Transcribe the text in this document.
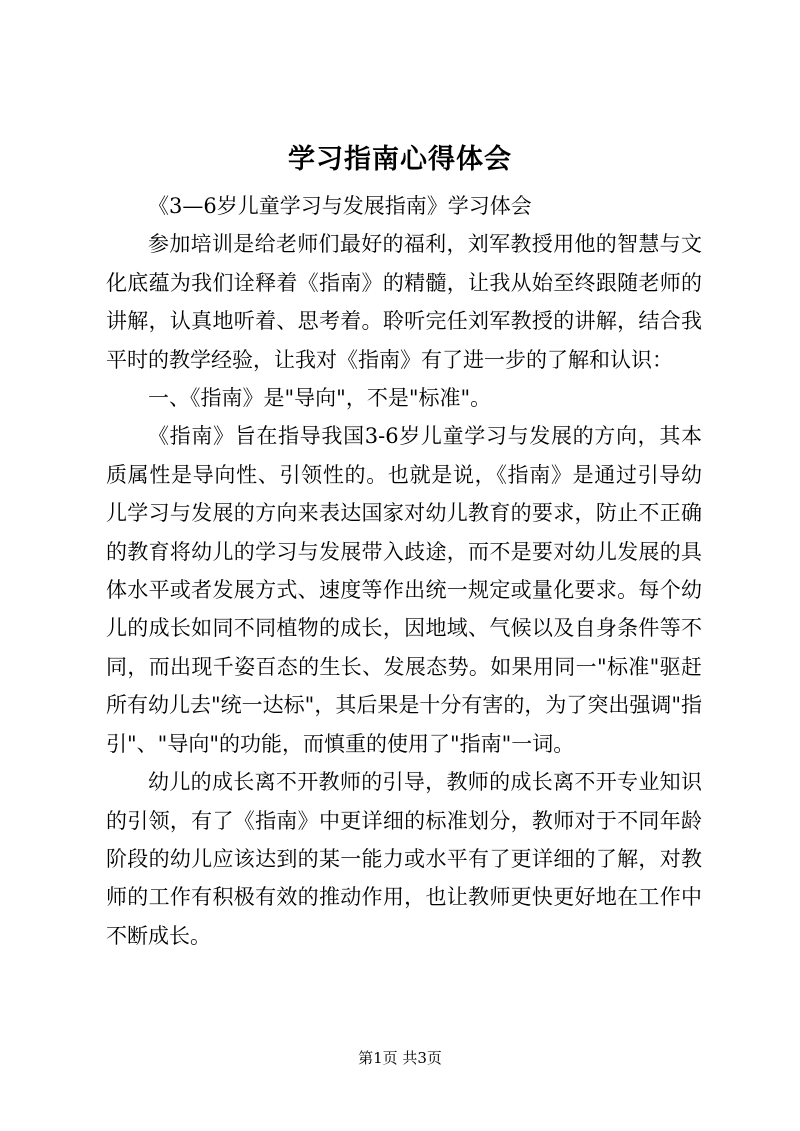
学习指南心得体会

《3—6岁儿童学习与发展指南》学习体会

参加培训是给老师们最好的福利，刘军教授用他的智慧与文化底蕴为我们诠释着《指南》的精髓，让我从始至终跟随老师的讲解，认真地听着、思考着。聆听完任刘军教授的讲解，结合我平时的教学经验，让我对《指南》有了进一步的了解和认识：

一、《指南》是"导向"，不是"标准"。

《指南》旨在指导我国3-6岁儿童学习与发展的方向，其本质属性是导向性、引领性的。也就是说，《指南》是通过引导幼儿学习与发展的方向来表达国家对幼儿教育的要求，防止不正确的教育将幼儿的学习与发展带入歧途，而不是要对幼儿发展的具体水平或者发展方式、速度等作出统一规定或量化要求。每个幼儿的成长如同不同植物的成长，因地域、气候以及自身条件等不同，而出现千姿百态的生长、发展态势。如果用同一"标准"驱赶所有幼儿去"统一达标"，其后果是十分有害的，为了突出强调"指引"、"导向"的功能，而慎重的使用了"指南"一词。

幼儿的成长离不开教师的引导，教师的成长离不开专业知识的引领，有了《指南》中更详细的标准划分，教师对于不同年龄阶段的幼儿应该达到的某一能力或水平有了更详细的了解，对教师的工作有积极有效的推动作用，也让教师更快更好地在工作中不断成长。

第1页 共3页
